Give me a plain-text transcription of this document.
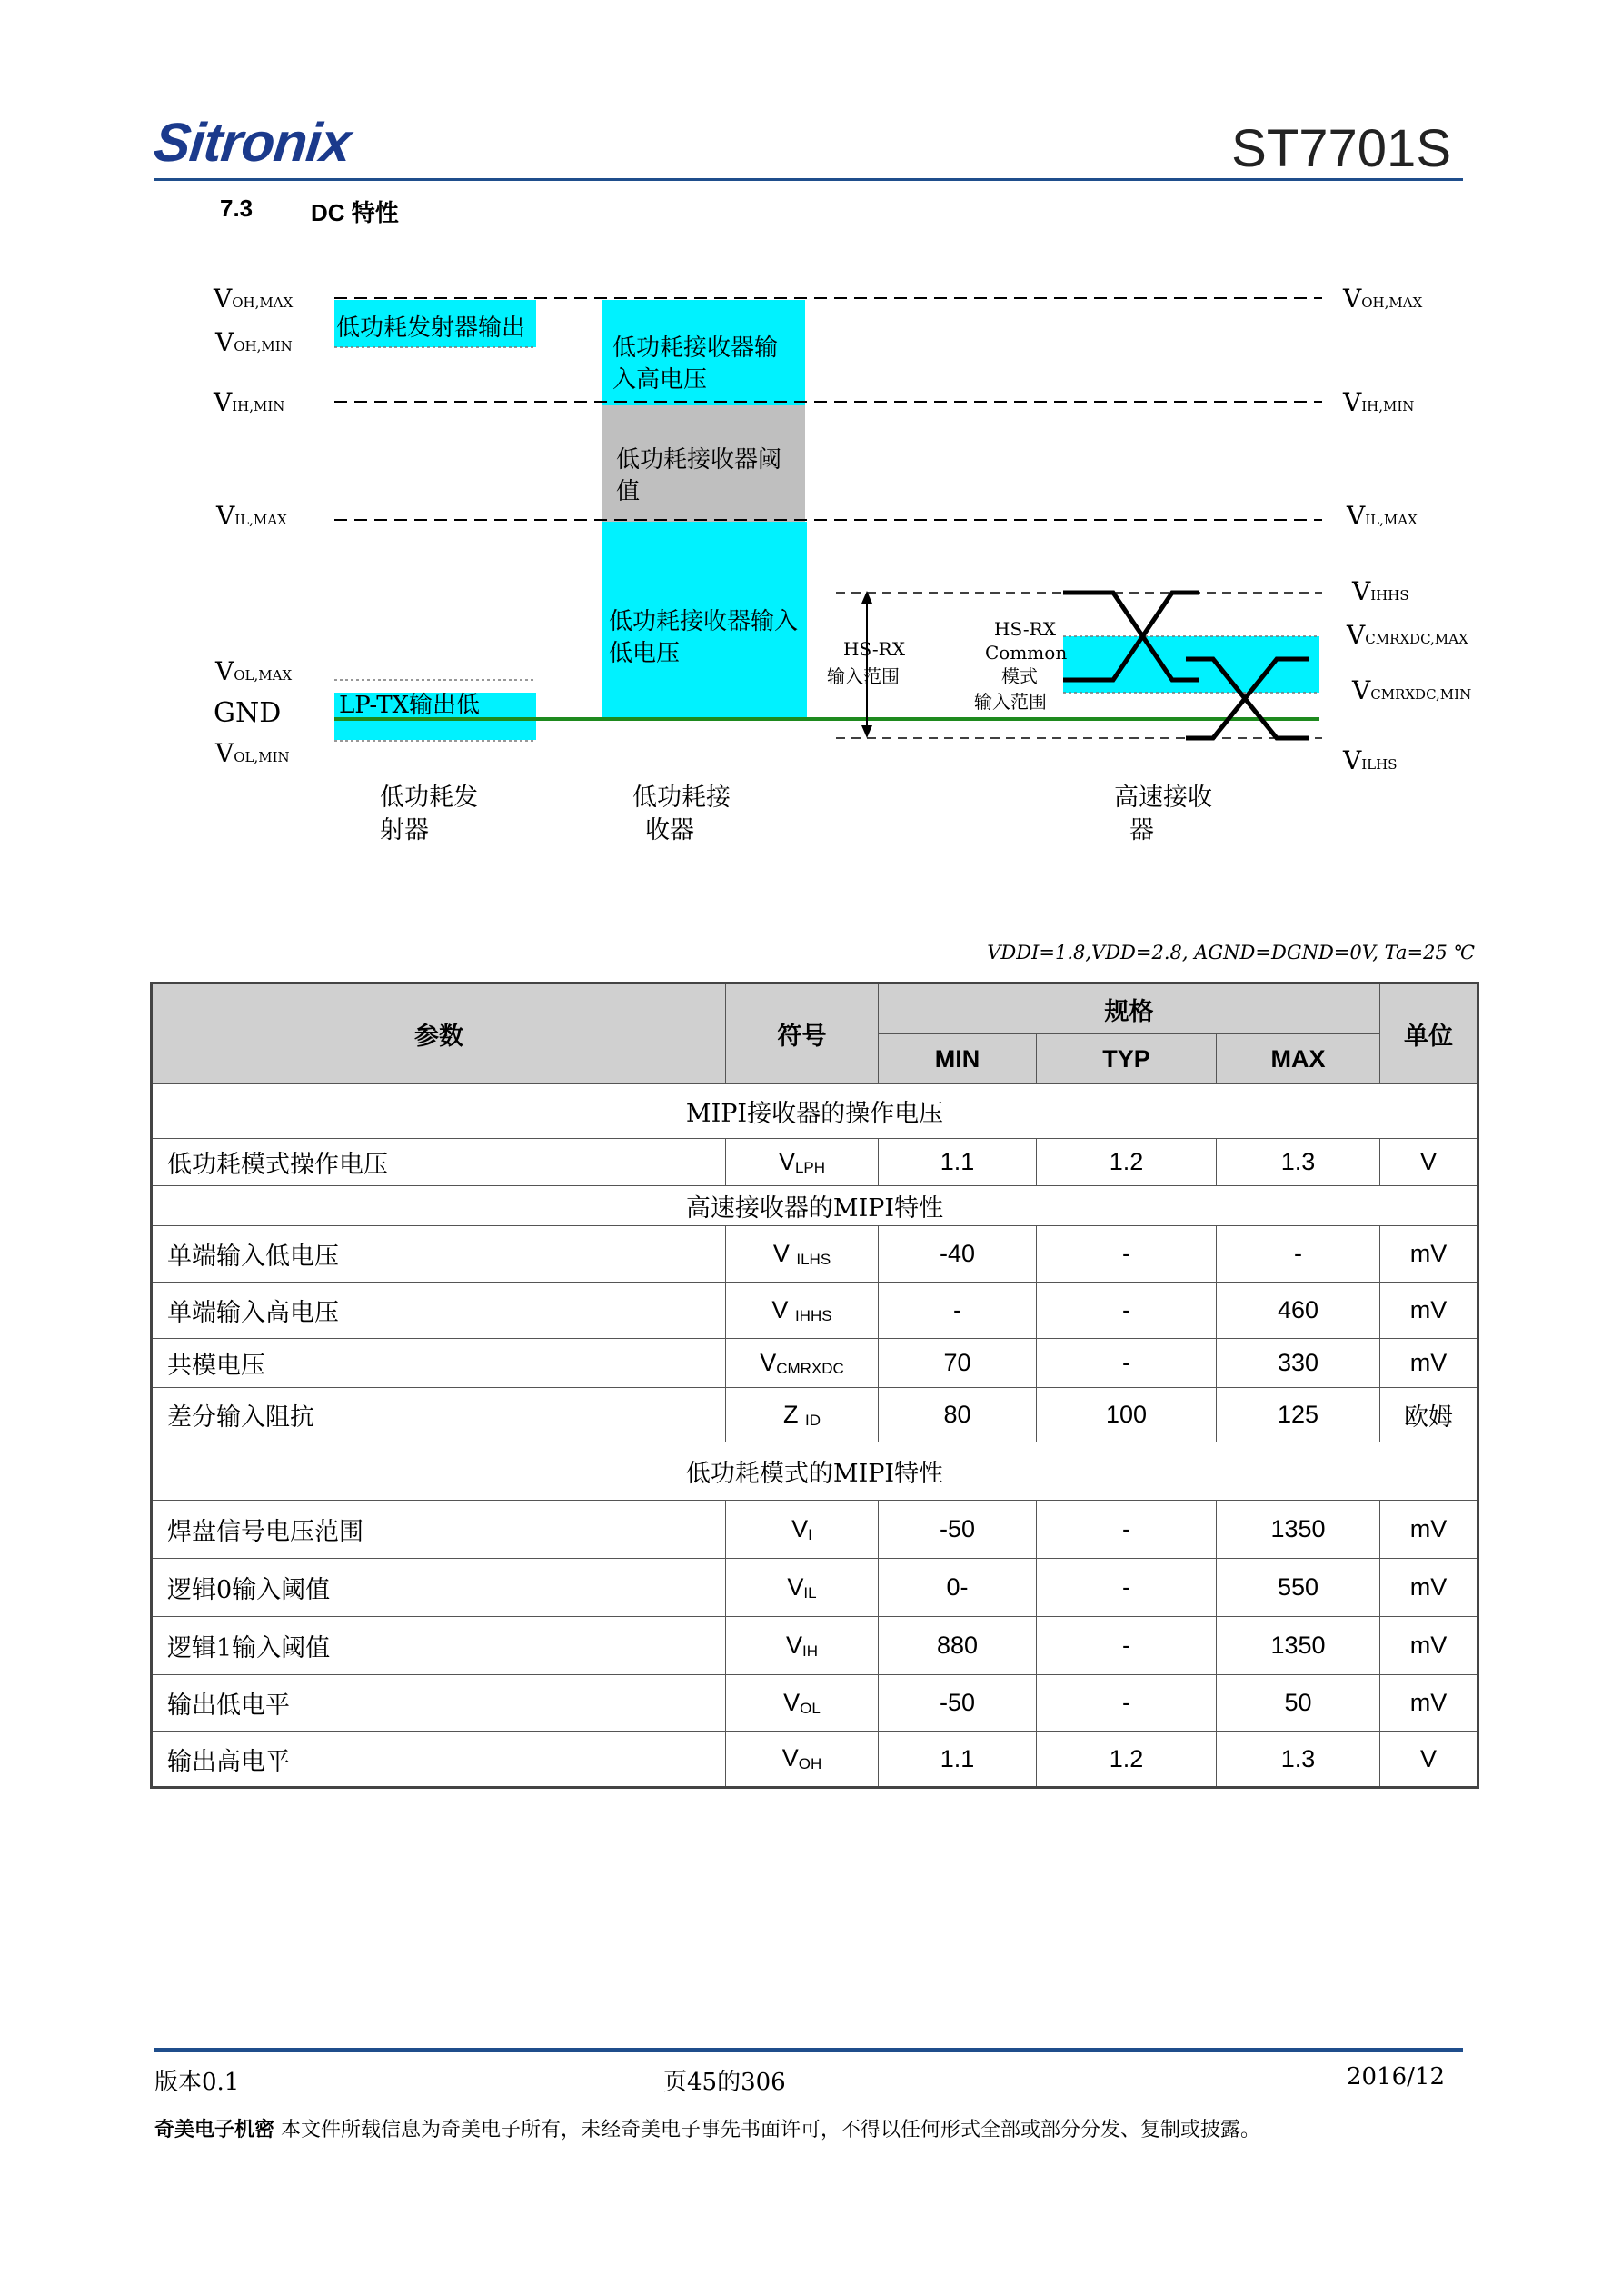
Sitronix	ST7701S
7.3 DC 特性
VOH,MAX
VOH,MIN
VIH,MIN
VIL,MAX
VOL,MAX
GND
VOL,MIN
VOH,MAX
VIH,MIN
VIL,MAX
VIHHS
VCMRXDC,MAX
VCMRXDC,MIN
VILHS
低功耗发射器输出
低功耗接收器输
入高电压
低功耗接收器阈
值
低功耗接收器输入
低电压
LP-TX输出低
HS-RX
输入范围
HS-RX
Common
模式
输入范围
低功耗发
射器
低功耗接
收器
高速接收
器
VDDI=1.8,VDD=2.8, AGND=DGND=0V, Ta=25 ℃
参数	符号	规格			单位
		MIN	TYP	MAX	
MIPI接收器的操作电压					
低功耗模式操作电压	$V_{LPH}$	1.1	1.2	1.3	V
高速接收器的MIPI特性					
单端输入低电压	V $_{ILHS}$	-40	-	-	mV
单端输入高电压	V $_{IHHS}$	-	-	460	mV
共模电压	$V_{CMRXDC}$	70	-	330	mV
差分输入阻抗	Z $_{ID}$	80	100	125	欧姆
低功耗模式的MIPI特性					
焊盘信号电压范围	$V_I$	-50	-	1350	mV
逻辑0输入阈值	$V_{IL}$	0-	-	550	mV
逻辑1输入阈值	$V_{IH}$	880	-	1350	mV
输出低电平	$V_{OL}$	-50	-	50	mV
输出高电平	$V_{OH}$	1.1	1.2	1.3	V
版本0.1	页45的306	2016/12
奇美电子机密 本文件所载信息为奇美电子所有，未经奇美电子事先书面许可，不得以任何形式全部或部分分发、复制或披露。
